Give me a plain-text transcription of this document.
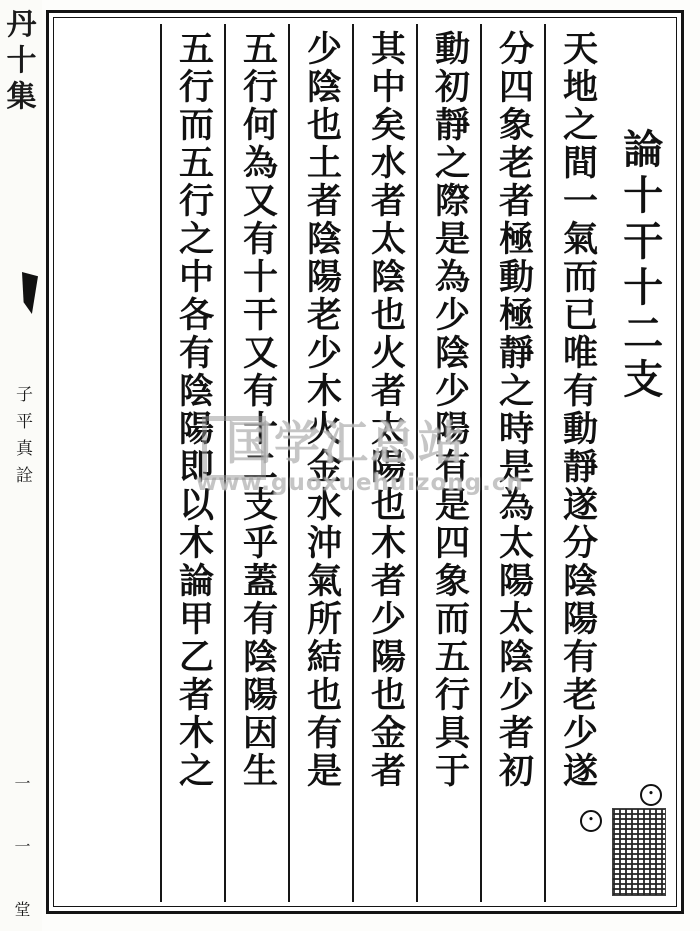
丹十集
子平真詮
一 一 堂
論十干十二支
•
天地之間一氣而已唯有動靜遂分陰陽有老少遂
•
分四象老者極動極靜之時是為太陽太陰少者初
動初靜之際是為少陰少陽有是四象而五行具于
其中矣水者太陰也火者太陽也木者少陽也金者
少陰也土者陰陽老少木火金水沖氣所結也有是
五行何為又有十干又有十二支乎蓋有陰陽因生
五行而五行之中各有陰陽即以木論甲乙者木之 国学汇总站
www.guoxuehuizong.cn
